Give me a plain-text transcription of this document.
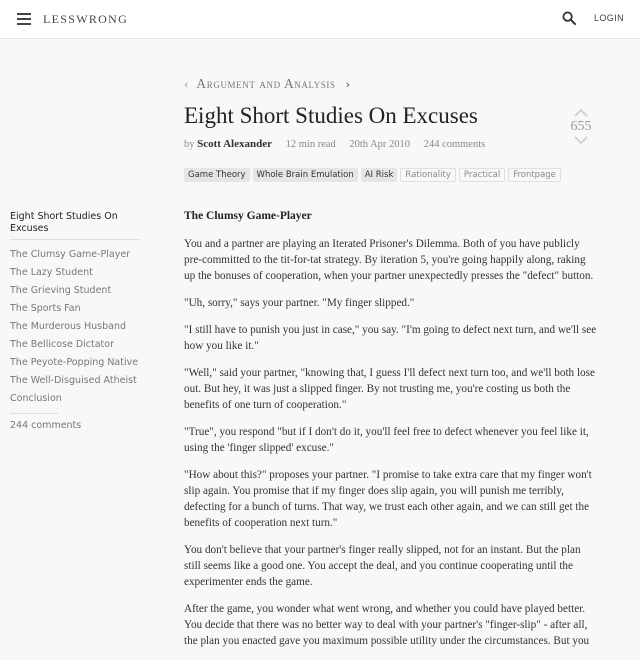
LESSWRONG	LOGIN
‹ Argument and Analysis ›
Eight Short Studies On Excuses
by Scott Alexander 12 min read 20th Apr 2010 244 comments
655
Game Theory	Whole Brain Emulation	AI Risk	Rationality	Practical	Frontpage
Eight Short Studies On Excuses
The Clumsy Game-Player
The Lazy Student
The Grieving Student
The Sports Fan
The Murderous Husband
The Bellicose Dictator
The Peyote-Popping Native
The Well-Disguised Atheist
Conclusion
244 comments
The Clumsy Game-Player

You and a partner are playing an Iterated Prisoner's Dilemma. Both of you have publicly pre-committed to the tit-for-tat strategy. By iteration 5, you're going happily along, raking up the bonuses of cooperation, when your partner unexpectedly presses the "defect" button.

"Uh, sorry," says your partner. "My finger slipped."

"I still have to punish you just in case," you say. "I'm going to defect next turn, and we'll see how you like it."

"Well," said your partner, "knowing that, I guess I'll defect next turn too, and we'll both lose out. But hey, it was just a slipped finger. By not trusting me, you're costing us both the benefits of one turn of cooperation."

"True", you respond "but if I don't do it, you'll feel free to defect whenever you feel like it, using the 'finger slipped' excuse."

"How about this?" proposes your partner. "I promise to take extra care that my finger won't slip again. You promise that if my finger does slip again, you will punish me terribly, defecting for a bunch of turns. That way, we trust each other again, and we can still get the benefits of cooperation next turn."

You don't believe that your partner's finger really slipped, not for an instant. But the plan still seems like a good one. You accept the deal, and you continue cooperating until the experimenter ends the game.

After the game, you wonder what went wrong, and whether you could have played better. You decide that there was no better way to deal with your partner's "finger-slip" - after all, the plan you enacted gave you maximum possible utility under the circumstances. But you
